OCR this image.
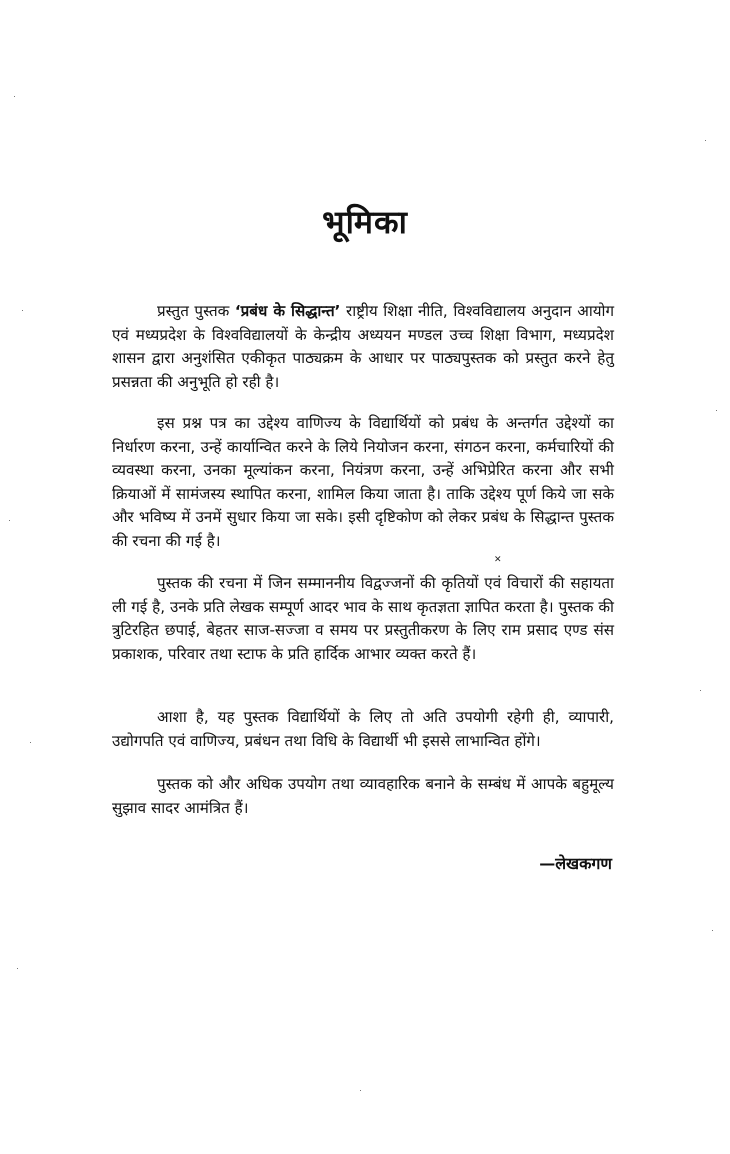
भूमिका

प्रस्तुत पुस्तक ‘प्रबंध के सिद्धान्त’ राष्ट्रीय शिक्षा नीति, विश्वविद्यालय अनुदान आयोग एवं मध्यप्रदेश के विश्वविद्यालयों के केन्द्रीय अध्ययन मण्डल उच्च शिक्षा विभाग, मध्यप्रदेश शासन द्वारा अनुशंसित एकीकृत पाठ्यक्रम के आधार पर पाठ्यपुस्तक को प्रस्तुत करने हेतु प्रसन्नता की अनुभूति हो रही है।

इस प्रश्न पत्र का उद्देश्य वाणिज्य के विद्यार्थियों को प्रबंध के अन्तर्गत उद्देश्यों का निर्धारण करना, उन्हें कार्यान्वित करने के लिये नियोजन करना, संगठन करना, कर्मचारियों की व्यवस्था करना, उनका मूल्यांकन करना, नियंत्रण करना, उन्हें अभिप्रेरित करना और सभी क्रियाओं में सामंजस्य स्थापित करना, शामिल किया जाता है। ताकि उद्देश्य पूर्ण किये जा सके और भविष्य में उनमें सुधार किया जा सके। इसी दृष्टिकोण को लेकर प्रबंध के सिद्धान्त पुस्तक की रचना की गई है।

✕

पुस्तक की रचना में जिन सम्माननीय विद्वज्जनों की कृतियों एवं विचारों की सहायता ली गई है, उनके प्रति लेखक सम्पूर्ण आदर भाव के साथ कृतज्ञता ज्ञापित करता है। पुस्तक की त्रुटिरहित छपाई, बेहतर साज-सज्जा व समय पर प्रस्तुतीकरण के लिए राम प्रसाद एण्ड संस प्रकाशक, परिवार तथा स्टाफ के प्रति हार्दिक आभार व्यक्त करते हैं।

आशा है, यह पुस्तक विद्यार्थियों के लिए तो अति उपयोगी रहेगी ही, व्यापारी, उद्योगपति एवं वाणिज्य, प्रबंधन तथा विधि के विद्यार्थी भी इससे लाभान्वित होंगे।

पुस्तक को और अधिक उपयोग तथा व्यावहारिक बनाने के सम्बंध में आपके बहुमूल्य सुझाव सादर आमंत्रित हैं।

—लेखकगण
